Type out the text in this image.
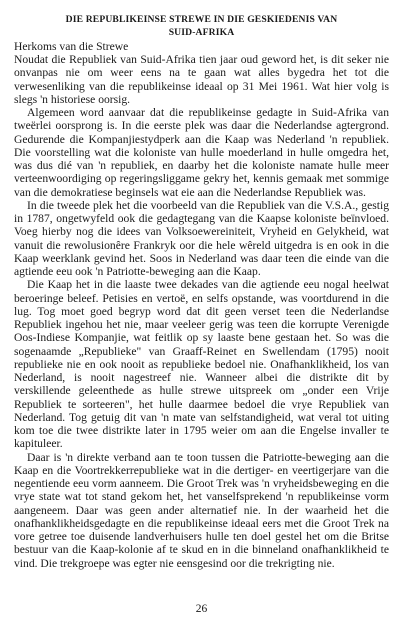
DIE REPUBLIKEINSE STREWE IN DIE GESKIEDENIS VAN
SUID-AFRIKA
Herkoms van die Strewe

Noudat die Republiek van Suid-Afrika tien jaar oud geword het, is dit seker nie onvanpas nie om weer eens na te gaan wat alles bygedra het tot die verwesenliking van die republikeinse ideaal op 31 Mei 1961. Wat hier volg is slegs 'n historiese oorsig.

Algemeen word aanvaar dat die republikeinse gedagte in Suid-Afrika van tweërlei oorsprong is. In die eerste plek was daar die Nederlandse agtergrond. Gedurende die Kompanjiestydperk aan die Kaap was Nederland 'n republiek. Die voorstelling wat die koloniste van hulle moederland in hulle omgedra het, was dus dié van 'n republiek, en daarby het die koloniste namate hulle meer verteenwoordiging op regeringsliggame gekry het, kennis gemaak met sommige van die demokratiese beginsels wat eie aan die Nederlandse Republiek was.

In die tweede plek het die voorbeeld van die Republiek van die V.S.A., gestig in 1787, ongetwyfeld ook die gedagtegang van die Kaapse koloniste beïnvloed. Voeg hierby nog die idees van Volksoewereiniteit, Vryheid en Gelykheid, wat vanuit die rewolusionêre Frankryk oor die hele wêreld uitgedra is en ook in die Kaap weerklank gevind het. Soos in Nederland was daar teen die einde van die agtiende eeu ook 'n Patriotte-beweging aan die Kaap.

Die Kaap het in die laaste twee dekades van die agtiende eeu nogal heelwat beroeringe beleef. Petisies en vertoë, en selfs opstande, was voortdurend in die lug. Tog moet goed begryp word dat dit geen verset teen die Nederlandse Republiek ingehou het nie, maar veeleer gerig was teen die korrupte Verenigde Oos-Indiese Kompanjie, wat feitlik op sy laaste bene gestaan het. So was die sogenaamde „Republieke" van Graaff-Reinet en Swellendam (1795) nooit republieke nie en ook nooit as republieke bedoel nie. Onafhanklikheid, los van Nederland, is nooit nagestreef nie. Wanneer albei die distrikte dit by verskillende geleenthede as hulle strewe uitspreek om „onder een Vrije Republiek te sorteeren", het hulle daarmee bedoel die vrye Republiek van Nederland. Tog getuig dit van 'n mate van selfstandigheid, wat veral tot uiting kom toe die twee distrikte later in 1795 weier om aan die Engelse invaller te kapituleer.

Daar is 'n direkte verband aan te toon tussen die Patriotte-beweging aan die Kaap en die Voortrekkerrepublieke wat in die dertiger- en veertigerjare van die negentiende eeu vorm aanneem. Die Groot Trek was 'n vryheidsbeweging en die vrye state wat tot stand gekom het, het vanselfsprekend 'n republikeinse vorm aangeneem. Daar was geen ander alternatief nie. In der waarheid het die onafhanklikheidsgedagte en die republikeinse ideaal eers met die Groot Trek na vore getree toe duisende landverhuisers hulle ten doel gestel het om die Britse bestuur van die Kaap-kolonie af te skud en in die binneland onafhanklikheid te vind. Die trekgroepe was egter nie eensgesind oor die trekrigting nie.

26
